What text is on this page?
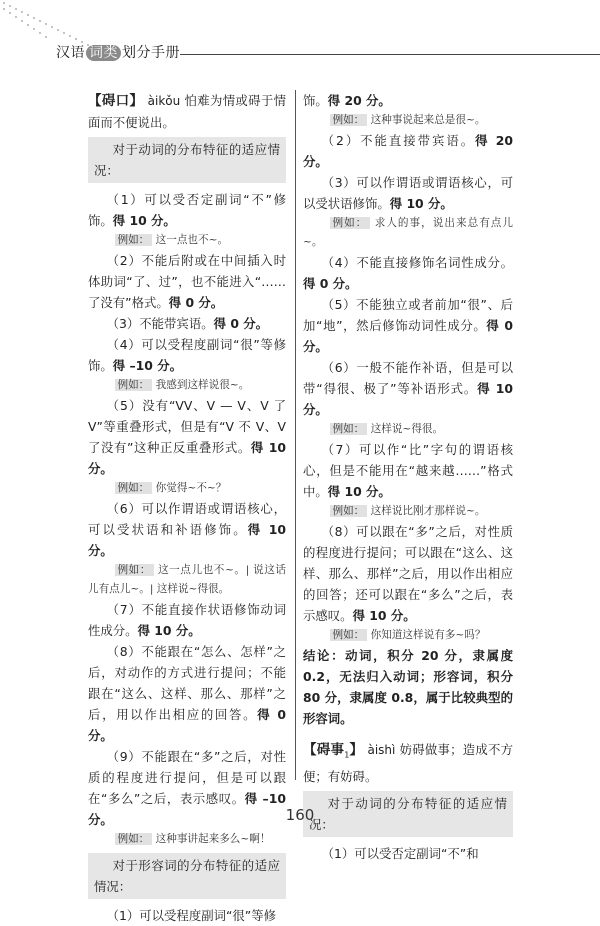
汉语 词类 划分手册

【碍口】 àikǒu 怕难为情或碍于情面而不便说出。

对于动词的分布特征的适应情况：

（1）可以受否定副词“不”修饰。得 10 分。

例如： 这一点也不~。

（2）不能后附或在中间插入时体助词“了、过”，也不能进入“……了没有”格式。得 0 分。

（3）不能带宾语。得 0 分。

（4）可以受程度副词“很”等修饰。得 –10 分。

例如： 我感到这样说很~。

（5）没有“VV、V — V、V 了 V”等重叠形式，但是有“V 不 V、V 了没有”这种正反重叠形式。得 10 分。

例如： 你觉得~不~？

（6）可以作谓语或谓语核心，可以受状语和补语修饰。得 10 分。

例如： 这一点儿也不~。| 说这话儿有点儿~。| 这样说~得很。

（7）不能直接作状语修饰动词性成分。得 10 分。

（8）不能跟在“怎么、怎样”之后，对动作的方式进行提问；不能跟在“这么、这样、那么、那样”之后，用以作出相应的回答。得 0 分。

（9）不能跟在“多”之后，对性质的程度进行提问，但是可以跟在“多么”之后，表示感叹。得 –10 分。

例如： 这种事讲起来多么~啊！

对于形容词的分布特征的适应情况：

（1）可以受程度副词“很”等修

饰。得 20 分。

例如： 这种事说起来总是很~。

（2）不能直接带宾语。得 20 分。

（3）可以作谓语或谓语核心，可以受状语修饰。得 10 分。

例如： 求人的事，说出来总有点儿~。

（4）不能直接修饰名词性成分。得 0 分。

（5）不能独立或者前加“很”、后加“地”，然后修饰动词性成分。得 0 分。

（6）一般不能作补语，但是可以带“得很、极了”等补语形式。得 10 分。

例如： 这样说~得很。

（7）可以作“比”字句的谓语核心，但是不能用在“越来越……”格式中。得 10 分。

例如： 这样说比刚才那样说~。

（8）可以跟在“多”之后，对性质的程度进行提问；可以跟在“这么、这样、那么、那样”之后，用以作出相应的回答；还可以跟在“多么”之后，表示感叹。得 10 分。

例如： 你知道这样说有多~吗？

结论：动词，积分 20 分，隶属度 0.2，无法归入动词；形容词，积分 80 分，隶属度 0.8，属于比较典型的形容词。

【碍事$_1$】 àishì 妨碍做事；造成不方便；有妨碍。

对于动词的分布特征的适应情况：

（1）可以受否定副词“不”和

160
